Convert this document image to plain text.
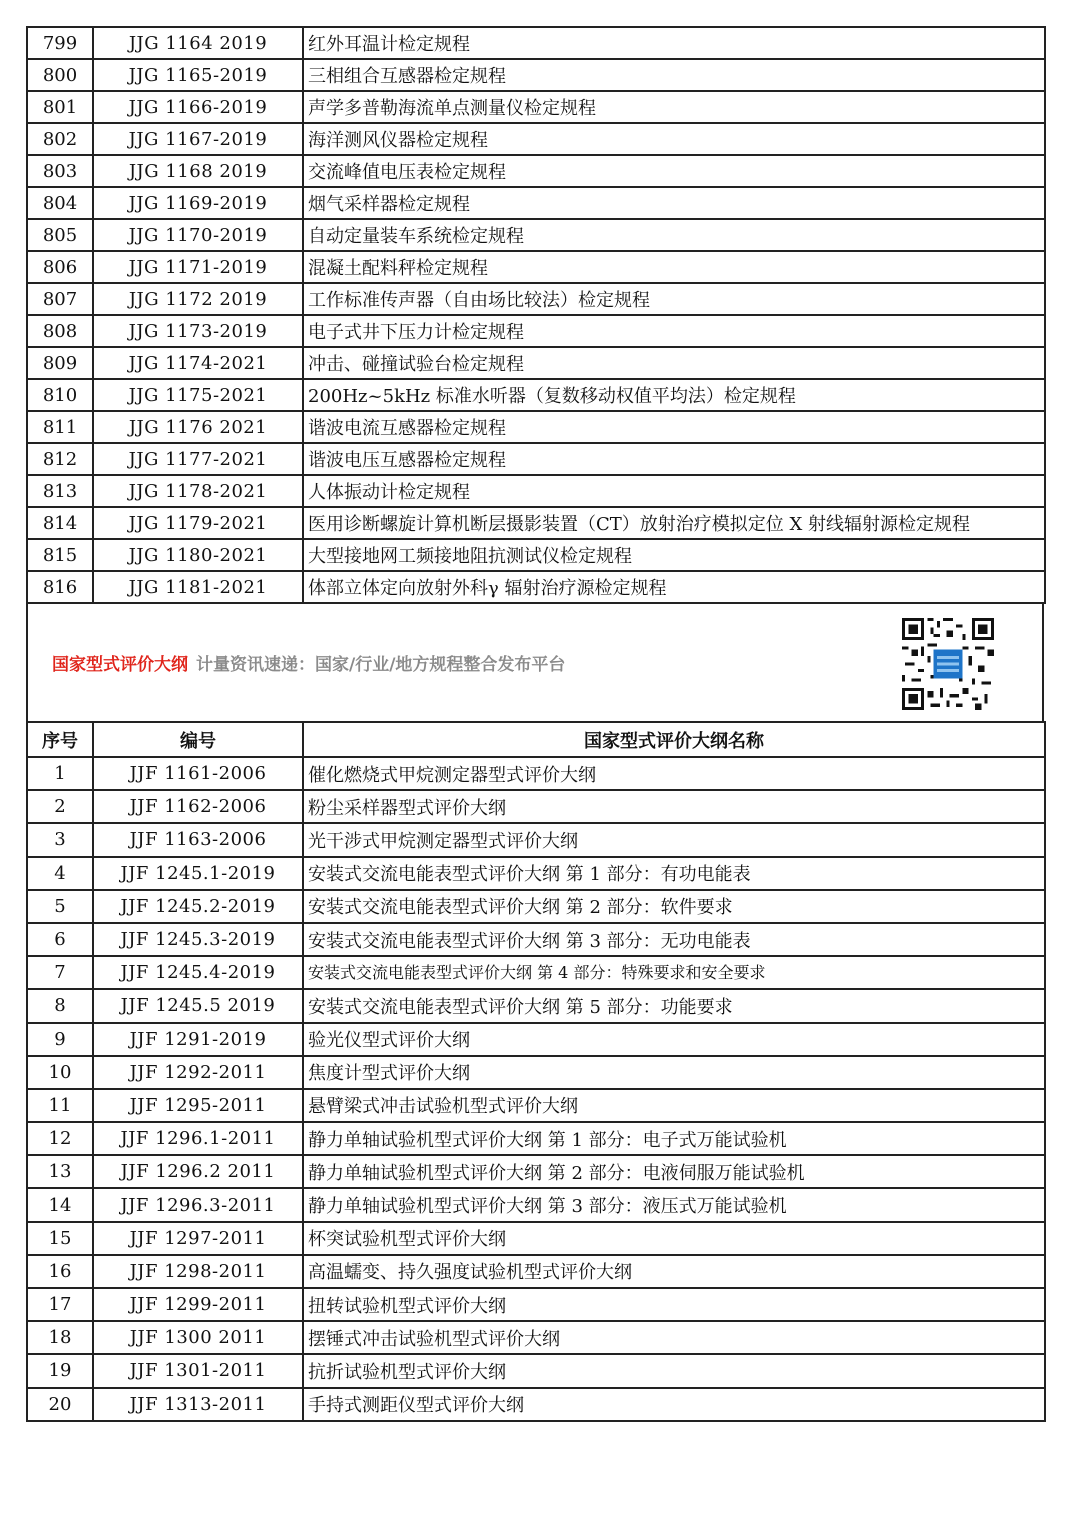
799	JJG 1164 2019	红外耳温计检定规程
800	JJG 1165-2019	三相组合互感器检定规程
801	JJG 1166-2019	声学多普勒海流单点测量仪检定规程
802	JJG 1167-2019	海洋测风仪器检定规程
803	JJG 1168 2019	交流峰值电压表检定规程
804	JJG 1169-2019	烟气采样器检定规程
805	JJG 1170-2019	自动定量装车系统检定规程
806	JJG 1171-2019	混凝土配料秤检定规程
807	JJG 1172 2019	工作标准传声器（自由场比较法）检定规程
808	JJG 1173-2019	电子式井下压力计检定规程
809	JJG 1174-2021	冲击、碰撞试验台检定规程
810	JJG 1175-2021	200Hz~5kHz 标准水听器（复数移动权值平均法）检定规程
811	JJG 1176 2021	谐波电流互感器检定规程
812	JJG 1177-2021	谐波电压互感器检定规程
813	JJG 1178-2021	人体振动计检定规程
814	JJG 1179-2021	医用诊断螺旋计算机断层摄影装置（CT）放射治疗模拟定位 X 射线辐射源检定规程
815	JJG 1180-2021	大型接地网工频接地阻抗测试仪检定规程
816	JJG 1181-2021	体部立体定向放射外科γ 辐射治疗源检定规程
国家型式评价大纲 计量资讯速递：国家/行业/地方规程整合发布平台
序号	编号	国家型式评价大纲名称
1	JJF 1161-2006	催化燃烧式甲烷测定器型式评价大纲
2	JJF 1162-2006	粉尘采样器型式评价大纲
3	JJF 1163-2006	光干涉式甲烷测定器型式评价大纲
4	JJF 1245.1-2019	安装式交流电能表型式评价大纲 第 1 部分：有功电能表
5	JJF 1245.2-2019	安装式交流电能表型式评价大纲 第 2 部分：软件要求
6	JJF 1245.3-2019	安装式交流电能表型式评价大纲 第 3 部分：无功电能表
7	JJF 1245.4-2019	安装式交流电能表型式评价大纲 第 4 部分：特殊要求和安全要求
8	JJF 1245.5 2019	安装式交流电能表型式评价大纲 第 5 部分：功能要求
9	JJF 1291-2019	验光仪型式评价大纲
10	JJF 1292-2011	焦度计型式评价大纲
11	JJF 1295-2011	悬臂梁式冲击试验机型式评价大纲
12	JJF 1296.1-2011	静力单轴试验机型式评价大纲 第 1 部分：电子式万能试验机
13	JJF 1296.2 2011	静力单轴试验机型式评价大纲 第 2 部分：电液伺服万能试验机
14	JJF 1296.3-2011	静力单轴试验机型式评价大纲 第 3 部分：液压式万能试验机
15	JJF 1297-2011	杯突试验机型式评价大纲
16	JJF 1298-2011	高温蠕变、持久强度试验机型式评价大纲
17	JJF 1299-2011	扭转试验机型式评价大纲
18	JJF 1300 2011	摆锤式冲击试验机型式评价大纲
19	JJF 1301-2011	抗折试验机型式评价大纲
20	JJF 1313-2011	手持式测距仪型式评价大纲
